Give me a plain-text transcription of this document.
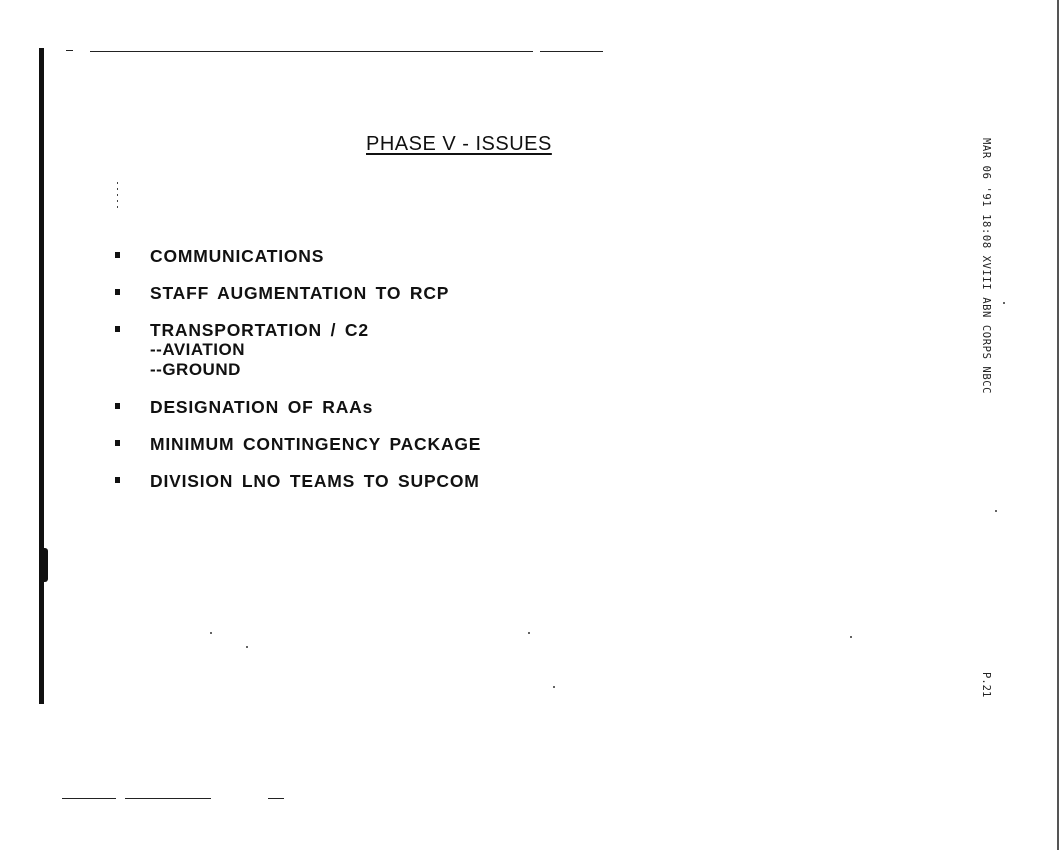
PHASE V - ISSUES
COMMUNICATIONS
STAFF AUGMENTATION TO RCP
TRANSPORTATION / C2
--AVIATION
--GROUND
DESIGNATION OF RAAs
MINIMUM CONTINGENCY PACKAGE
DIVISION LNO TEAMS TO SUPCOM
MAR 06 '91 18:08 XVIII ABN CORPS NBCC
P.21
